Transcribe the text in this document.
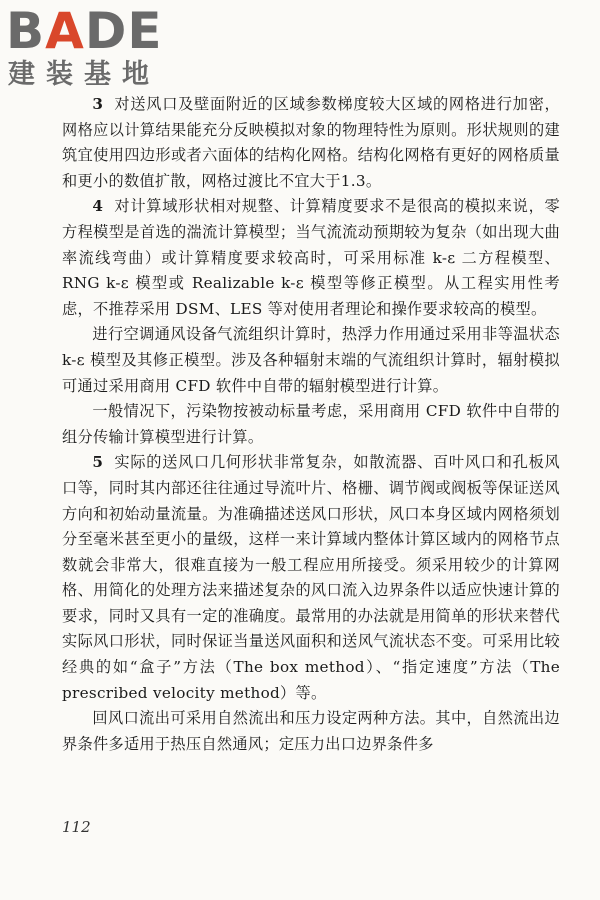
BADE
建装基地

3 对送风口及壁面附近的区域参数梯度较大区域的网格进行加密，网格应以计算结果能充分反映模拟对象的物理特性为原则。形状规则的建筑宜使用四边形或者六面体的结构化网格。结构化网格有更好的网格质量和更小的数值扩散，网格过渡比不宜大于1.3。

4 对计算域形状相对规整、计算精度要求不是很高的模拟来说，零方程模型是首选的湍流计算模型；当气流流动预期较为复杂（如出现大曲率流线弯曲）或计算精度要求较高时，可采用标准 k-ε 二方程模型、RNG k-ε 模型或 Realizable k-ε 模型等修正模型。从工程实用性考虑，不推荐采用 DSM、LES 等对使用者理论和操作要求较高的模型。

进行空调通风设备气流组织计算时，热浮力作用通过采用非等温状态 k-ε 模型及其修正模型。涉及各种辐射末端的气流组织计算时，辐射模拟可通过采用商用 CFD 软件中自带的辐射模型进行计算。

一般情况下，污染物按被动标量考虑，采用商用 CFD 软件中自带的组分传输计算模型进行计算。

5 实际的送风口几何形状非常复杂，如散流器、百叶风口和孔板风口等，同时其内部还往往通过导流叶片、格栅、调节阀或阀板等保证送风方向和初始动量流量。为准确描述送风口形状，风口本身区域内网格须划分至毫米甚至更小的量级，这样一来计算域内整体计算区域内的网格节点数就会非常大，很难直接为一般工程应用所接受。须采用较少的计算网格、用简化的处理方法来描述复杂的风口流入边界条件以适应快速计算的要求，同时又具有一定的准确度。最常用的办法就是用简单的形状来替代实际风口形状，同时保证当量送风面积和送风气流状态不变。可采用比较经典的如“盒子”方法（The box method）、“指定速度”方法（The prescribed velocity method）等。

回风口流出可采用自然流出和压力设定两种方法。其中，自然流出边界条件多适用于热压自然通风；定压力出口边界条件多

112
